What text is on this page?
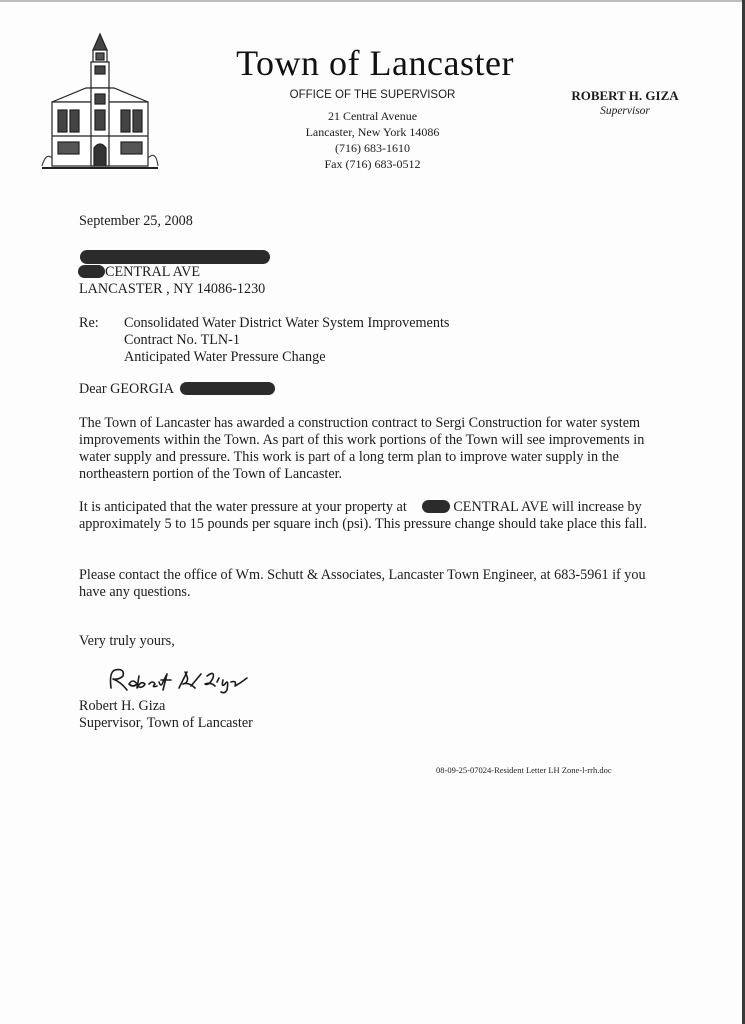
Town of Lancaster
OFFICE OF THE SUPERVISOR
21 Central Avenue
Lancaster, New York 14086
(716) 683-1610
Fax (716) 683-0512
ROBERT H. GIZA
Supervisor
September 25, 2008
CENTRAL AVE
LANCASTER , NY 14086-1230
Re: Consolidated Water District Water System Improvements
Contract No. TLN-1
Anticipated Water Pressure Change
Dear GEORGIA
The Town of Lancaster has awarded a construction contract to Sergi Construction for water system improvements within the Town. As part of this work portions of the Town will see improvements in water supply and pressure. This work is part of a long term plan to improve water supply in the northeastern portion of the Town of Lancaster.
It is anticipated that the water pressure at your property at	CENTRAL AVE will increase by approximately 5 to 15 pounds per square inch (psi). This pressure change should take place this fall.
Please contact the office of Wm. Schutt & Associates, Lancaster Town Engineer, at 683-5961 if you have any questions.
Very truly yours,
Robert H. Giza
Supervisor, Town of Lancaster
08-09-25-07024-Resident Letter LH Zone-l-rrh.doc
